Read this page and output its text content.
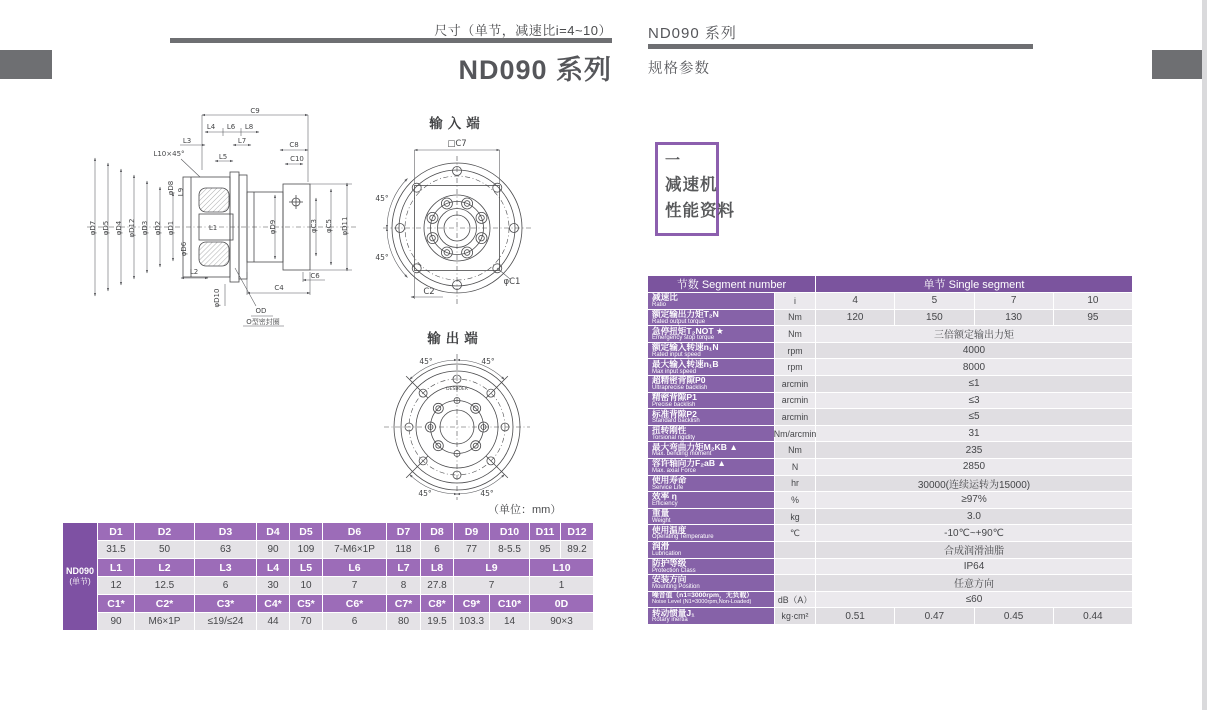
尺寸（单节，减速比i=4~10）
ND090 系列
C9
L4 L6 L8
L3
L10×45°
L7
L5
C8
C10
φD8 L9
φD7 φD5 φD4 φD12 φD3 φD2 φD1
φD6
L1
L2
φD10
OD
O型密封圈
C4
C6
φD9	φC3 φC5 φD11
输入端
□C7
45°
45°
φC1
C2
输出端
45°	45°
45°	45°
DESBOER
（单位：mm）
ND090
(单节)
D1	D2	D3	D4	D5	D6	D7	D8	D9	D10	D11	D12
31.5	50	63	90	109	7-M6×1P	118	6	77	8-5.5	95	89.2
L1	L2	L3	L4	L5	L6	L7	L8	L9	L10
12	12.5	6	30	10	7	8	27.8	7	1
C1*	C2*	C3*	C4*	C5*	C6*	C7*	C8*	C9*	C10*	0D
90	M6×1P	≤19/≤24	44	70	6	80	19.5	103.3	14	90×3
ND090 系列
规格参数
一
减速机
性能资料
节数 Segment number	单节 Single segment
减速比
Ratio	i	4	5	7	10
额定输出力矩T₂N
Rated output torque	Nm	120	150	130	95
急停扭矩T₂NOT ★
Emergency stop torque	Nm	三倍额定输出力矩
额定输入转速n₁N
Rated input speed	rpm	4000
最大输入转速n₁B
Max input speed	rpm	8000
超精密背隙P0
Ultraprecise backlish	arcmin	≤1
精密背隙P1
Precise backlish	arcmin	≤3
标准背隙P2
Standard backlish	arcmin	≤5
扭转刚性
Torsional rigidity	Nm/arcmin	31
最大弯曲力矩M₂KB ▲
Max. bending moment	Nm	235
容许轴向力F₂aB ▲
Max. axial Force	N	2850
使用寿命
Service Life	hr	30000(连续运转为15000)
效率 η
Efficiency	%	≥97%
重量
Weight	kg	3.0
使用温度
Operating Temperature	℃	-10℃~+90℃
润滑
Lubrication	合成润滑油脂
防护等级
Protection Class	IP64
安装方向
Mounting Position	任意方向
噪音值（n1=3000rpm，无负载）
Noise Level (N1=3000rpm,Non-Loaded)	dB（A）	≤60
转动惯量J₁
Rotary inertia	kg·cm²	0.51	0.47	0.45	0.44
